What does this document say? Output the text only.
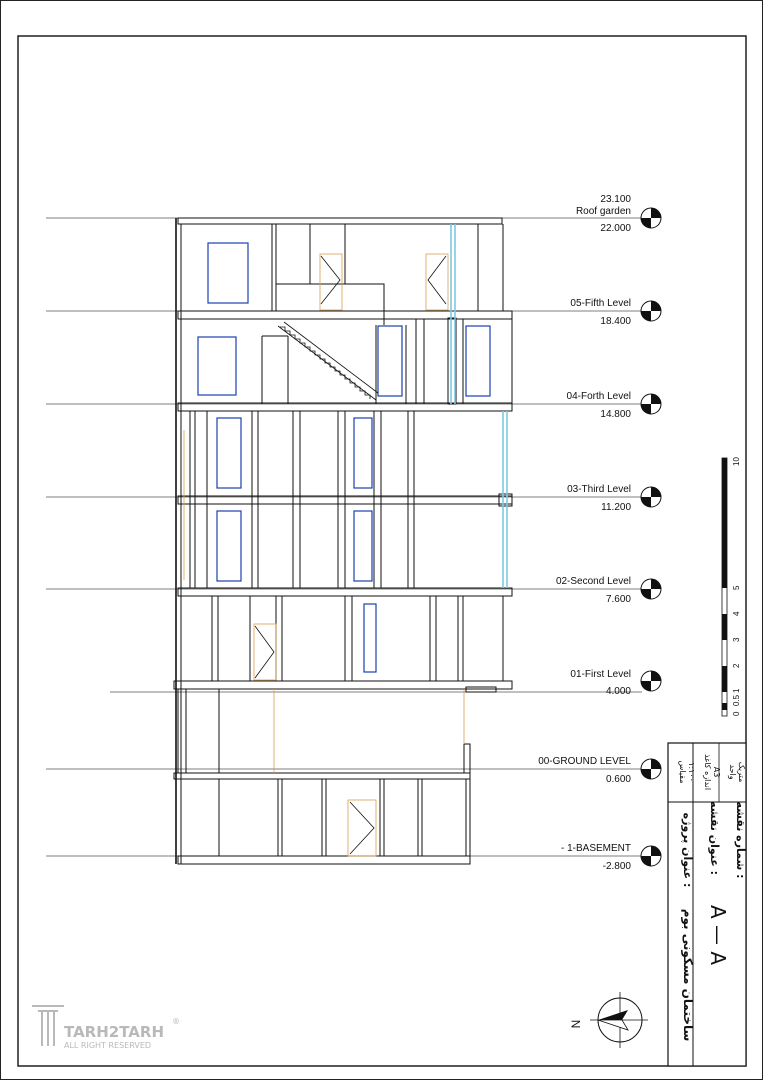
23.100
Roof garden
22.000
05-Fifth Level
18.400
04-Forth Level
14.800
03-Third Level
11.200
02-Second Level
7.600
01-First Level
4.000
00-GROUND LEVEL
0.600
- 1-BASEMENT
-2.800
0
0.5
1
2
3
4
5
10
مقیاس ۱:۱۰۰ اندازه کاغذ A3 واحد متریک
عنوان پروژه :
عنوان نقشه :
شماره نقشه :
ساختمان مسکونی بوم A — A
N
TARH2TARH
®
ALL RIGHT RESERVED
